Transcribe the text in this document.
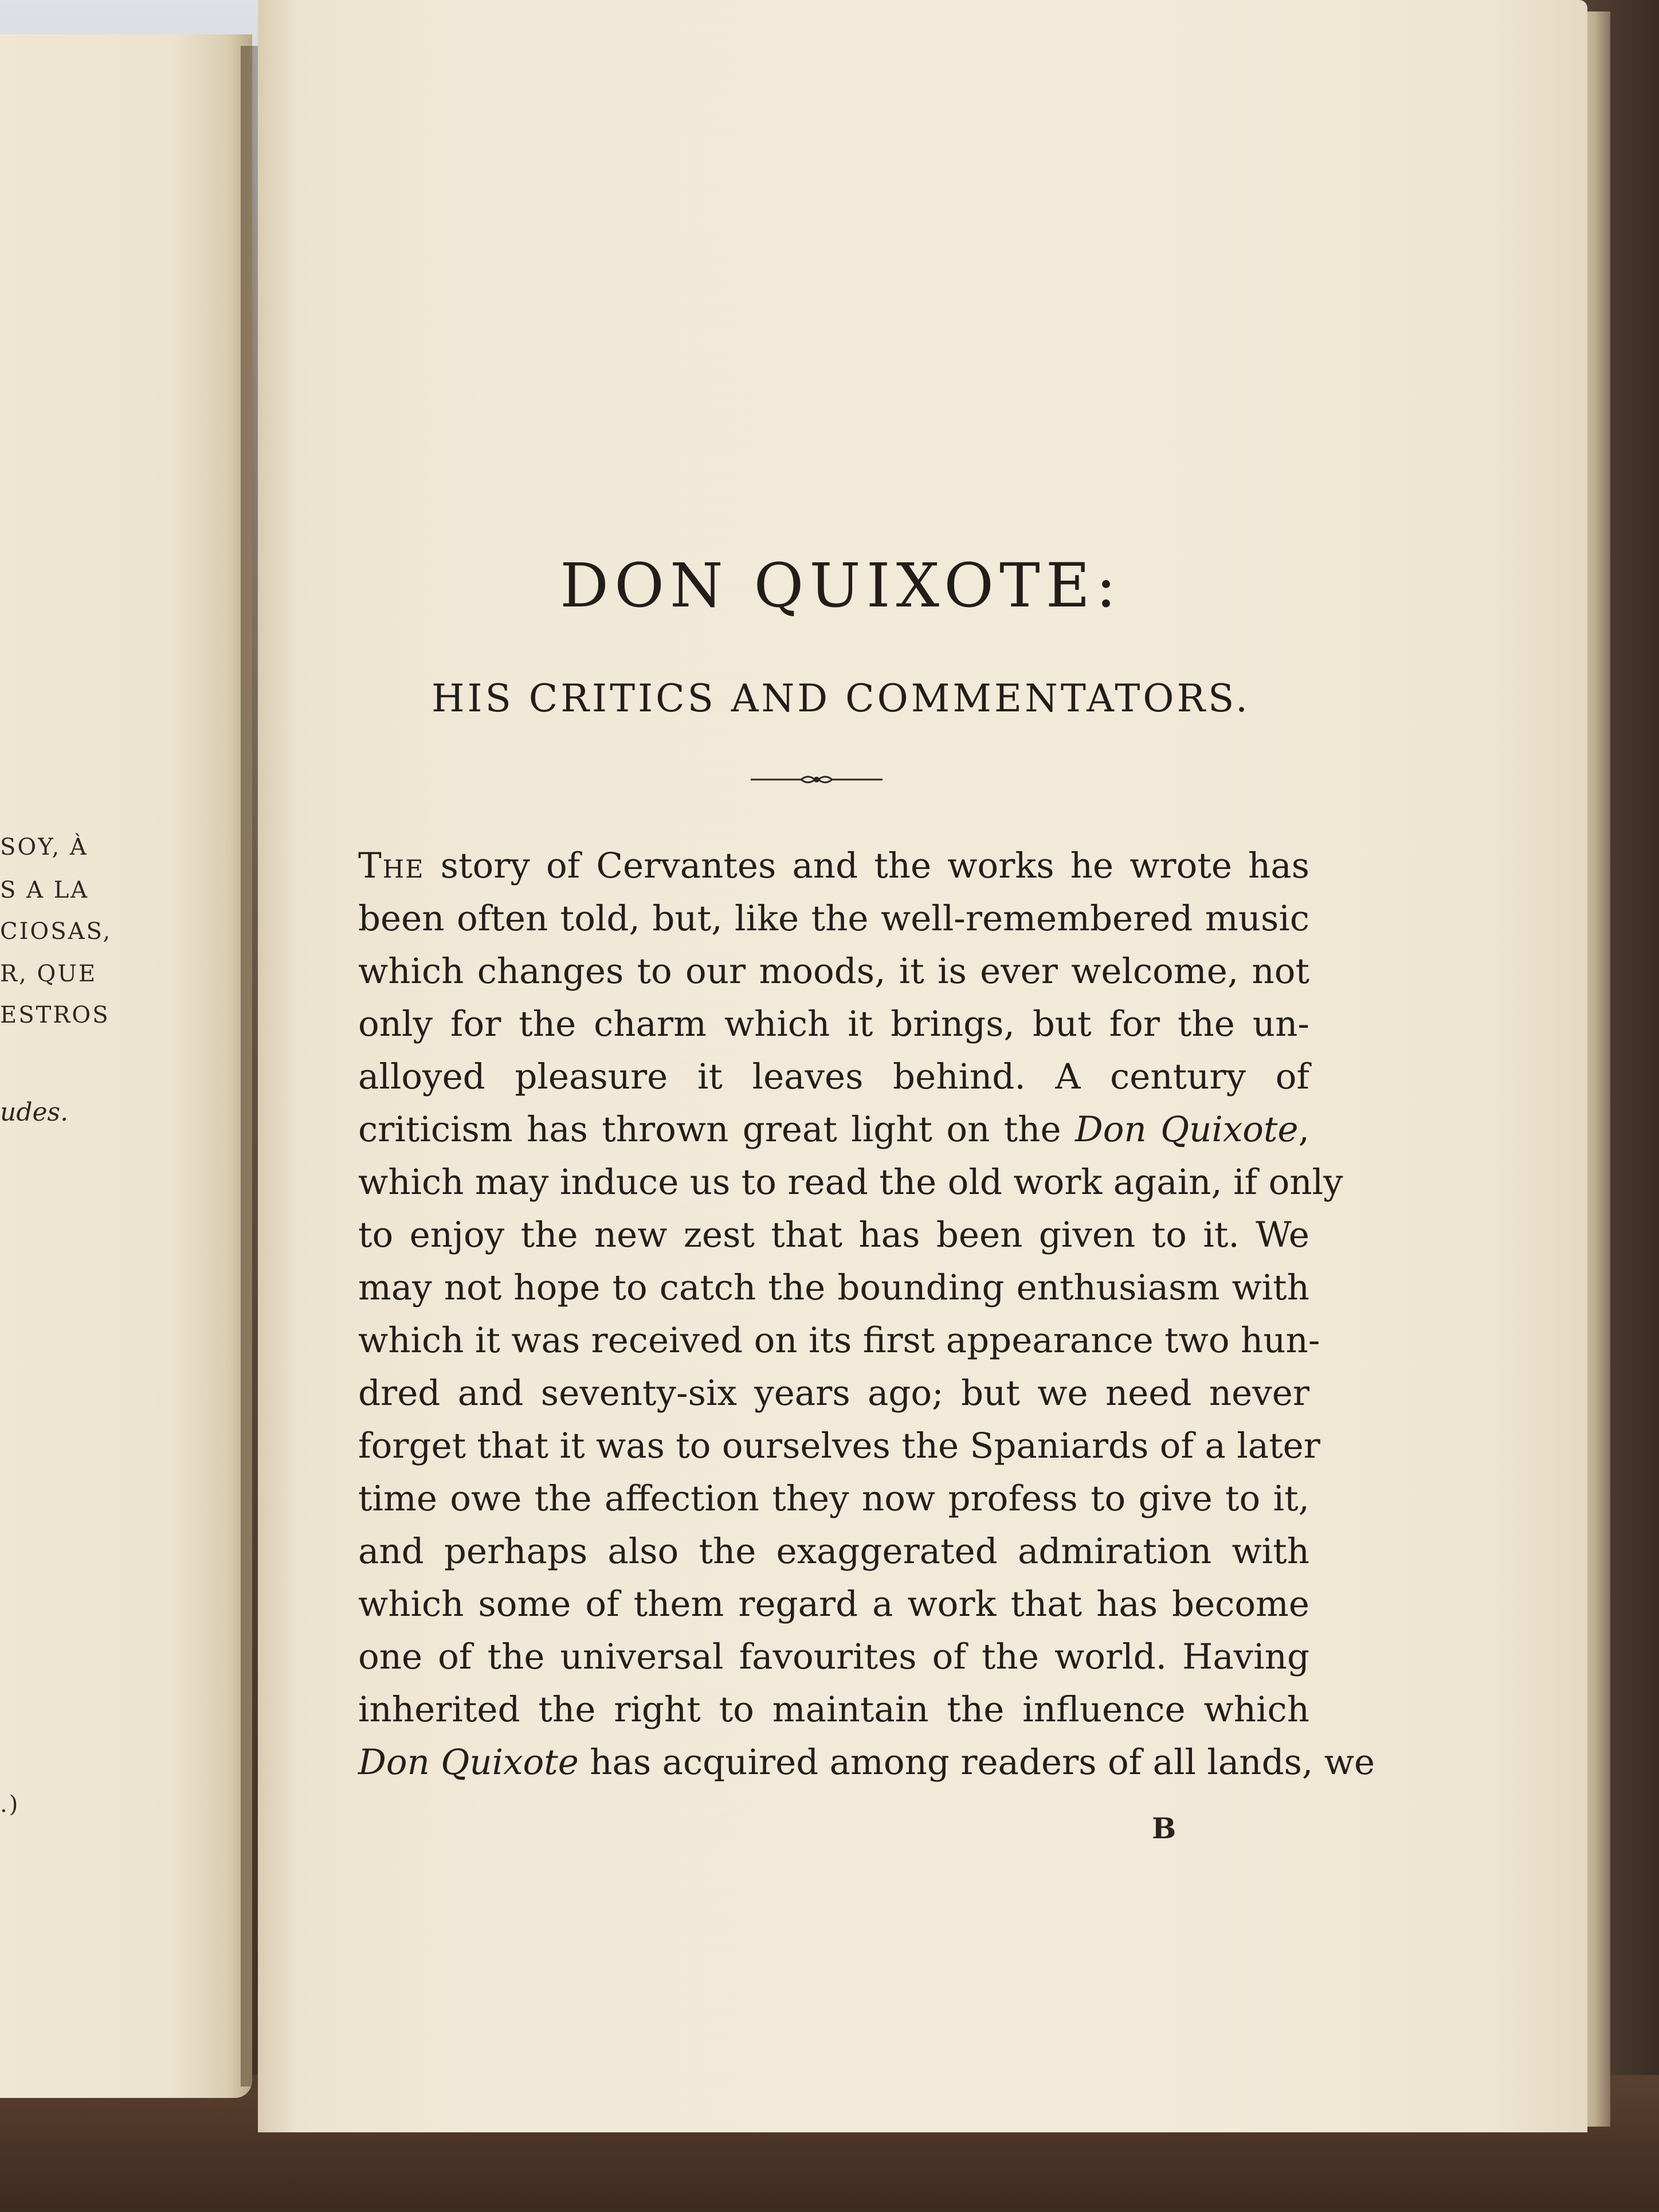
SOY, À
S A LA
CIOSAS,
R, QUE
ESTROS
udes.
.)
DON QUIXOTE:
HIS CRITICS AND COMMENTATORS.
The story of Cervantes and the works he wrote has
been often told, but, like the well-remembered music
which changes to our moods, it is ever welcome, not
only for the charm which it brings, but for the un-
alloyed pleasure it leaves behind. A century of
criticism has thrown great light on the Don Quixote,
which may induce us to read the old work again, if only
to enjoy the new zest that has been given to it. We
may not hope to catch the bounding enthusiasm with
which it was received on its first appearance two hun-
dred and seventy-six years ago; but we need never
forget that it was to ourselves the Spaniards of a later
time owe the affection they now profess to give to it,
and perhaps also the exaggerated admiration with
which some of them regard a work that has become
one of the universal favourites of the world. Having
inherited the right to maintain the influence which
Don Quixote has acquired among readers of all lands, we
B
